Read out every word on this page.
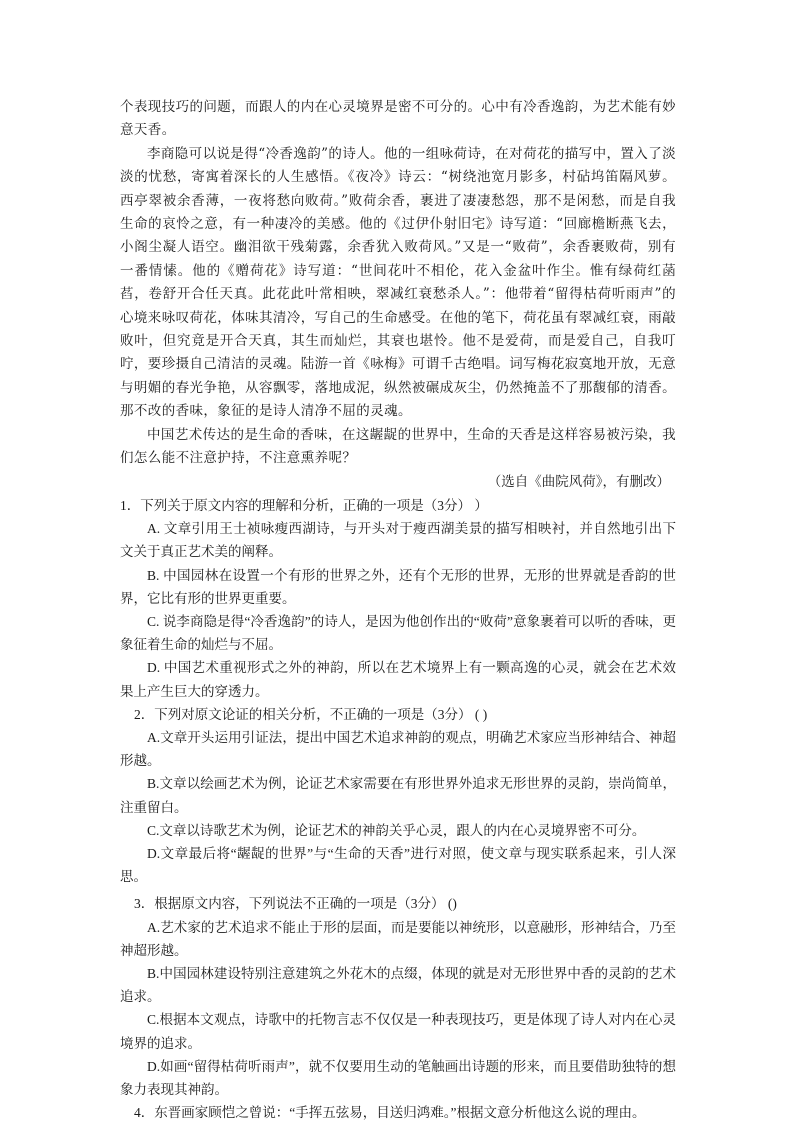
个表现技巧的问题，而跟人的内在心灵境界是密不可分的。心中有冷香逸韵，为艺术能有妙意天香。

李商隐可以说是得“冷香逸韵”的诗人。他的一组咏荷诗，在对荷花的描写中，置入了淡淡的忧愁，寄寓着深长的人生感悟。《夜冷》诗云：“树绕池宽月影多，村砧坞笛隔风萝。西亭翠被余香薄，一夜将愁向败荷。”败荷余香，裹进了凄凄愁怨，那不是闲愁，而是自我生命的哀怜之意，有一种凄冷的美感。他的《过伊仆射旧宅》诗写道：“回廊檐断燕飞去，小阁尘凝人语空。幽泪欲干残菊露，余香犹入败荷风。”又是一“败荷”，余香裹败荷，别有一番情愫。他的《赠荷花》诗写道：“世间花叶不相伦，花入金盆叶作尘。惟有绿荷红菡萏，卷舒开合任天真。此花此叶常相映，翠减红衰愁杀人。”：他带着“留得枯荷听雨声”的心境来咏叹荷花，体味其清冷，写自己的生命感受。在他的笔下，荷花虽有翠减红衰，雨敲败叶，但究竟是开合天真，其生而灿烂，其衰也堪怜。他不是爱荷，而是爱自己，自我叮咛，要珍摄自己清洁的灵魂。陆游一首《咏梅》可谓千古绝唱。词写梅花寂寞地开放，无意与明媚的春光争艳，从容飘零，落地成泥，纵然被碾成灰尘，仍然掩盖不了那馥郁的清香。那不改的香味，象征的是诗人清净不屈的灵魂。

中国艺术传达的是生命的香味，在这龌龊的世界中，生命的天香是这样容易被污染，我们怎么能不注意护持，不注意熏养呢？

（选自《曲院风荷》，有删改）

1．下列关于原文内容的理解和分析，正确的一项是（3分） ）

A. 文章引用王士祯咏瘦西湖诗，与开头对于瘦西湖美景的描写相映衬，并自然地引出下文关于真正艺术美的阐释。

B. 中国园林在设置一个有形的世界之外，还有个无形的世界，无形的世界就是香韵的世界，它比有形的世界更重要。

C. 说李商隐是得“冷香逸韵”的诗人，是因为他创作出的“败荷”意象裹着可以听的香味，更象征着生命的灿烂与不屈。

D. 中国艺术重视形式之外的神韵，所以在艺术境界上有一颗高逸的心灵，就会在艺术效果上产生巨大的穿透力。

2．下列对原文论证的相关分析，不正确的一项是（3分） ( )

A.文章开头运用引证法，提出中国艺术追求神韵的观点，明确艺术家应当形神结合、神超形越。

B.文章以绘画艺术为例，论证艺术家需要在有形世界外追求无形世界的灵韵，崇尚简单，注重留白。

C.文章以诗歌艺术为例，论证艺术的神韵关乎心灵，跟人的内在心灵境界密不可分。

D.文章最后将“龌龊的世界”与“生命的天香”进行对照，使文章与现实联系起来，引人深思。

3．根据原文内容，下列说法不正确的一项是（3分） ()

A.艺术家的艺术追求不能止于形的层面，而是要能以神统形，以意融形，形神结合，乃至神超形越。

B.中国园林建设特别注意建筑之外花木的点缀，体现的就是对无形世界中香的灵韵的艺术追求。

C.根据本文观点，诗歌中的托物言志不仅仅是一种表现技巧，更是体现了诗人对内在心灵境界的追求。

D.如画“留得枯荷听雨声”，就不仅要用生动的笔触画出诗题的形来，而且要借助独特的想象力表现其神韵。

4．东晋画家顾恺之曾说：“手挥五弦易，目送归鸿难。”根据文意分析他这么说的理由。
